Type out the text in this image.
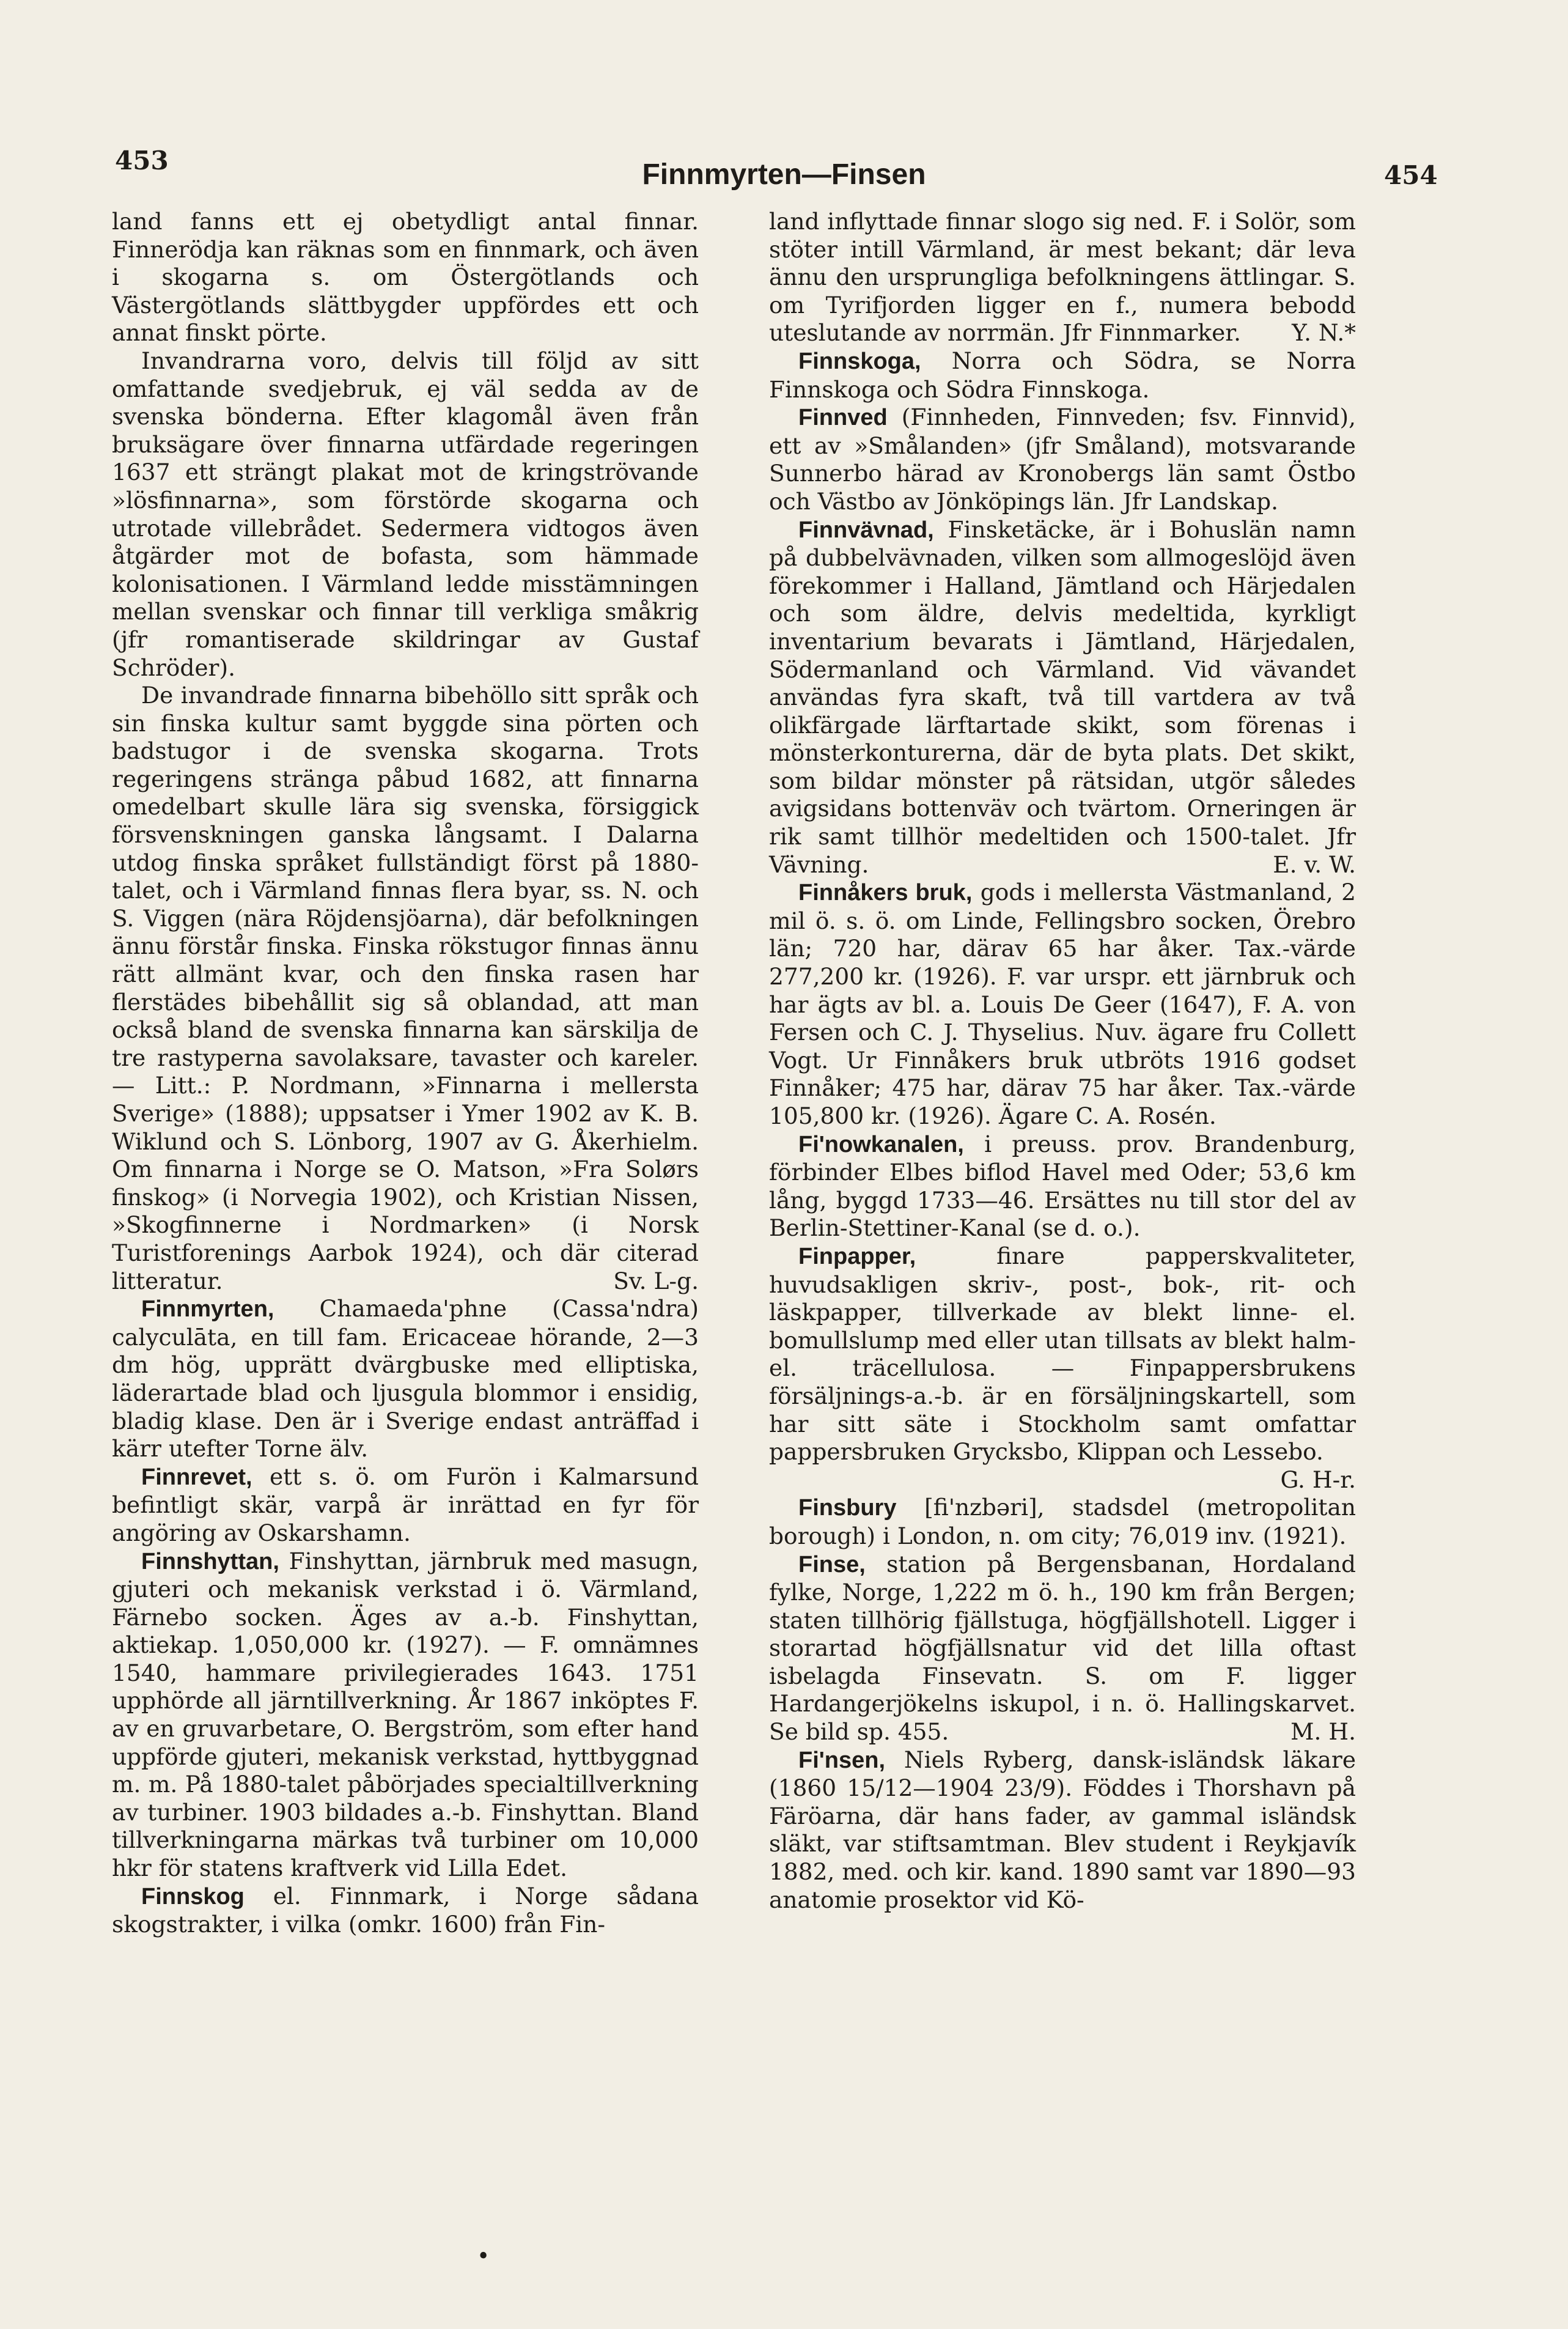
453	Finnmyrten—Finsen	454

land fanns ett ej obetydligt antal finnar. Finnerödja kan räknas som en finnmark, och även i skogarna s. om Östergötlands och Västergötlands slättbygder uppfördes ett och annat finskt pörte.

Invandrarna voro, delvis till följd av sitt omfattande svedjebruk, ej väl sedda av de svenska bönderna. Efter klagomål även från bruksägare över finnarna utfärdade regeringen 1637 ett strängt plakat mot de kringströvande »lösfinnarna», som förstörde skogarna och utrotade villebrådet. Sedermera vidtogos även åtgärder mot de bofasta, som hämmade kolonisationen. I Värmland ledde misstämningen mellan svenskar och finnar till verkliga småkrig (jfr romantiserade skildringar av Gustaf Schröder).

De invandrade finnarna bibehöllo sitt språk och sin finska kultur samt byggde sina pörten och badstugor i de svenska skogarna. Trots regeringens stränga påbud 1682, att finnarna omedelbart skulle lära sig svenska, försiggick försvenskningen ganska långsamt. I Dalarna utdog finska språket fullständigt först på 1880-talet, och i Värmland finnas flera byar, ss. N. och S. Viggen (nära Röjdensjöarna), där befolkningen ännu förstår finska. Finska rökstugor finnas ännu rätt allmänt kvar, och den finska rasen har flerstädes bibehållit sig så oblandad, att man också bland de svenska finnarna kan särskilja de tre rastyperna savolaksare, tavaster och kareler. — Litt.: P. Nordmann, »Finnarna i mellersta Sverige» (1888); uppsatser i Ymer 1902 av K. B. Wiklund och S. Lönborg, 1907 av G. Åkerhielm. Om finnarna i Norge se O. Matson, »Fra Solørs finskog» (i Norvegia 1902), och Kristian Nissen, »Skogfinnerne i Nordmarken» (i Norsk Turistforenings Aarbok 1924), och där citerad litteratur.	Sv. L-g.

Finnmyrten, Chamaeda'phne (Cassa'ndra) calyculāta, en till fam. Ericaceae hörande, 2—3 dm hög, upprätt dvärgbuske med elliptiska, läderartade blad och ljusgula blommor i ensidig, bladig klase. Den är i Sverige endast anträffad i kärr utefter Torne älv.

Finnrevet, ett s. ö. om Furön i Kalmarsund befintligt skär, varpå är inrättad en fyr för angöring av Oskarshamn.

Finnshyttan, Finshyttan, järnbruk med masugn, gjuteri och mekanisk verkstad i ö. Värmland, Färnebo socken. Äges av a.-b. Finshyttan, aktiekap. 1,050,000 kr. (1927). — F. omnämnes 1540, hammare privilegierades 1643. 1751 upphörde all järntillverkning. År 1867 inköptes F. av en gruvarbetare, O. Bergström, som efter hand uppförde gjuteri, mekanisk verkstad, hyttbyggnad m. m. På 1880-talet påbörjades specialtillverkning av turbiner. 1903 bildades a.-b. Finshyttan. Bland tillverkningarna märkas två turbiner om 10,000 hkr för statens kraftverk vid Lilla Edet.

Finnskog el. Finnmark, i Norge sådana skogstrakter, i vilka (omkr. 1600) från Fin-

land inflyttade finnar slogo sig ned. F. i Solör, som stöter intill Värmland, är mest bekant; där leva ännu den ursprungliga befolkningens ättlingar. S. om Tyrifjorden ligger en f., numera bebodd uteslutande av norrmän. Jfr Finnmarker. Y. N.*

Finnskoga, Norra och Södra, se Norra Finnskoga och Södra Finnskoga.

Finnved (Finnheden, Finnveden; fsv. Finnvid), ett av »Smålanden» (jfr Småland), motsvarande Sunnerbo härad av Kronobergs län samt Östbo och Västbo av Jönköpings län. Jfr Landskap.

Finnvävnad, Finsketäcke, är i Bohuslän namn på dubbelvävnaden, vilken som allmogeslöjd även förekommer i Halland, Jämtland och Härjedalen och som äldre, delvis medeltida, kyrkligt inventarium bevarats i Jämtland, Härjedalen, Södermanland och Värmland. Vid vävandet användas fyra skaft, två till vartdera av två olikfärgade lärftartade skikt, som förenas i mönsterkonturerna, där de byta plats. Det skikt, som bildar mönster på rätsidan, utgör således avigsidans bottenväv och tvärtom. Orneringen är rik samt tillhör medeltiden och 1500-talet. Jfr Vävning.	E. v. W.

Finnåkers bruk, gods i mellersta Västmanland, 2 mil ö. s. ö. om Linde, Fellingsbro socken, Örebro län; 720 har, därav 65 har åker. Tax.-värde 277,200 kr. (1926). F. var urspr. ett järnbruk och har ägts av bl. a. Louis De Geer (1647), F. A. von Fersen och C. J. Thyselius. Nuv. ägare fru Collett Vogt. Ur Finnåkers bruk utbröts 1916 godset Finnåker; 475 har, därav 75 har åker. Tax.-värde 105,800 kr. (1926). Ägare C. A. Rosén.

Fi'nowkanalen, i preuss. prov. Brandenburg, förbinder Elbes biflod Havel med Oder; 53,6 km lång, byggd 1733—46. Ersättes nu till stor del av Berlin-Stettiner-Kanal (se d. o.).

Finpapper,	finare papperskvaliteter, huvudsakligen skriv-, post-, bok-, rit- och läskpapper, tillverkade av blekt linne- el. bomullslump med eller utan tillsats av blekt halm- el. träcellulosa. — Finpappersbrukens försäljnings-a.-b. är en försäljningskartell, som har sitt säte i Stockholm samt omfattar pappersbruken Grycksbo, Klippan och Lessebo.
G. H-r.

Finsbury [fi'nzbəri], stadsdel (metropolitan borough) i London, n. om city; 76,019 inv. (1921).

Finse, station på Bergensbanan, Hordaland fylke, Norge, 1,222 m ö. h., 190 km från Bergen; staten tillhörig fjällstuga, högfjällshotell. Ligger i storartad högfjällsnatur vid det lilla oftast isbelagda Finsevatn. S. om F. ligger Hardangerjökelns iskupol, i n. ö. Hallingskarvet. Se bild sp. 455.	M. H.

Fi'nsen, Niels Ryberg, dansk-isländsk läkare (1860 15/12—1904 23/9). Föddes i Thorshavn på Färöarna, där hans fader, av gammal isländsk släkt, var stiftsamtman. Blev student i Reykjavík 1882, med. och kir. kand. 1890 samt var 1890—93 anatomie prosektor vid Kö-

•
